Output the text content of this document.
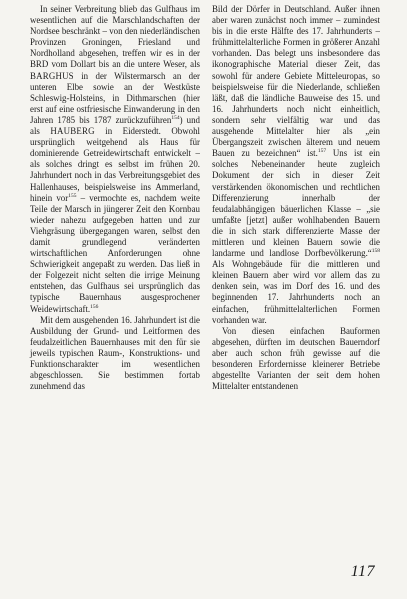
In seiner Verbreitung blieb das Gulfhaus im wesentlichen auf die Marschlandschaften der Nordsee beschränkt – von den niederländischen Provinzen Groningen, Friesland und Nordholland abgesehen, treffen wir es in der BRD vom Dollart bis an die untere Weser, als BARGHUS in der Wilstermarsch an der unteren Elbe sowie an der Westküste Schleswig-Holsteins, in Dithmarschen (hier erst auf eine ostfriesische Einwanderung in den Jahren 1785 bis 1787 zurückzuführen$^{154}$) und als HAUBERG in Eiderstedt. Obwohl ursprünglich weitgehend als Haus für dominierende Getreidewirtschaft entwickelt – als solches dringt es selbst im frühen 20. Jahrhundert noch in das Verbreitungsgebiet des Hallenhauses, beispielsweise ins Ammerland, hinein vor$^{155}$ – vermochte es, nachdem weite Teile der Marsch in jüngerer Zeit den Kornbau wieder nahezu aufgegeben hatten und zur Viehgräsung übergegangen waren, selbst den damit grundlegend veränderten wirtschaftlichen Anforderungen ohne Schwierigkeit angepaßt zu werden. Das ließ in der Folgezeit nicht selten die irrige Meinung entstehen, das Gulfhaus sei ursprünglich das typische Bauernhaus ausgesprochener Weidewirtschaft.$^{156}$

Mit dem ausgehenden 16. Jahrhundert ist die Ausbildung der Grund- und Leitformen des feudalzeitlichen Bauernhauses mit den für sie jeweils typischen Raum-, Konstruktions- und Funktionscharakter im wesentlichen abgeschlossen. Sie bestimmen fortab zunehmend das

Bild der Dörfer in Deutschland. Außer ihnen aber waren zunächst noch immer – zumindest bis in die erste Hälfte des 17. Jahrhunderts – frühmittelalterliche Formen in größerer Anzahl vorhanden. Das belegt uns insbesondere das ikonographische Material dieser Zeit, das sowohl für andere Gebiete Mitteleuropas, so beispielsweise für die Niederlande, schließen läßt, daß die ländliche Bauweise des 15. und 16. Jahrhunderts noch nicht einheitlich, sondern sehr vielfältig war und das ausgehende Mittelalter hier als „ein Übergangszeit zwischen älterem und neuem Bauen zu bezeichnen“ ist.$^{157}$ Uns ist ein solches Nebeneinander heute zugleich Dokument der sich in dieser Zeit verstärkenden ökonomischen und rechtlichen Differenzierung innerhalb der feudalabhängigen bäuerlichen Klasse – „sie umfaßte [jetzt] außer wohlhabenden Bauern die in sich stark differenzierte Masse der mittleren und kleinen Bauern sowie die landarme und landlose Dorfbevölkerung.“$^{158}$ Als Wohngebäude für die mittleren und kleinen Bauern aber wird vor allem das zu denken sein, was im Dorf des 16. und des beginnenden 17. Jahrhunderts noch an einfachen, frühmittelalterlichen Formen vorhanden war.

Von diesen einfachen Bauformen abgesehen, dürften im deutschen Bauerndorf aber auch schon früh gewisse auf die besonderen Erfordernisse kleinerer Betriebe abgestellte Varianten der seit dem hohen Mittelalter entstandenen

117
